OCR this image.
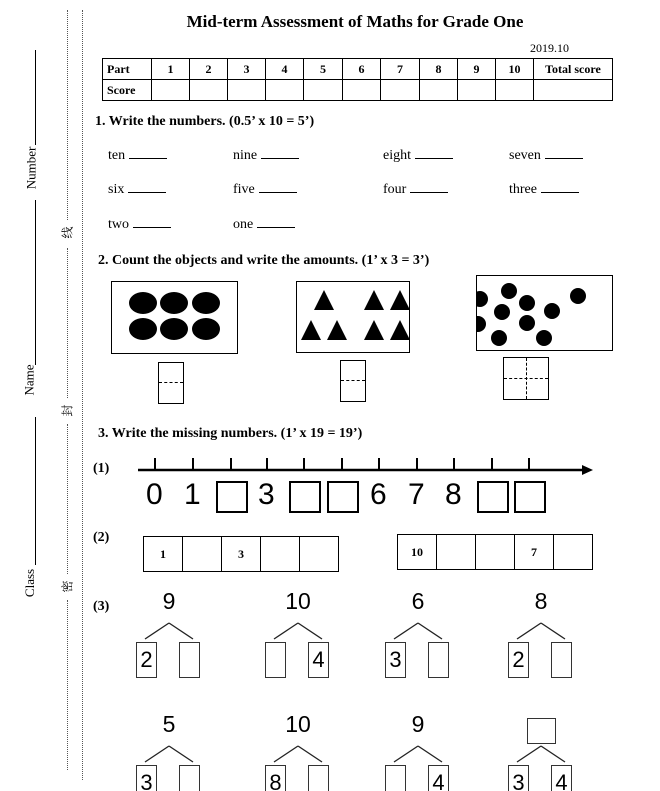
Number
Name
Class
线
封
密
Mid-term Assessment of Maths for Grade One
2019.10
Part	1	2	3	4	5	6	7	8	9	10	Total score
Score											
1. Write the numbers. (0.5’ x 10 = 5’)
ten	nine	eight	seven
six	five	four	three
two	one
2. Count the objects and write the amounts. (1’ x 3 = 3’)
3. Write the missing numbers. (1’ x 19 = 19’)
(1)
0 1 3	6 7 8
(2)
1	3	10	7
(3)	9
2
10
4
6
3
8
2
5
3
10
8
9
4	3 4
